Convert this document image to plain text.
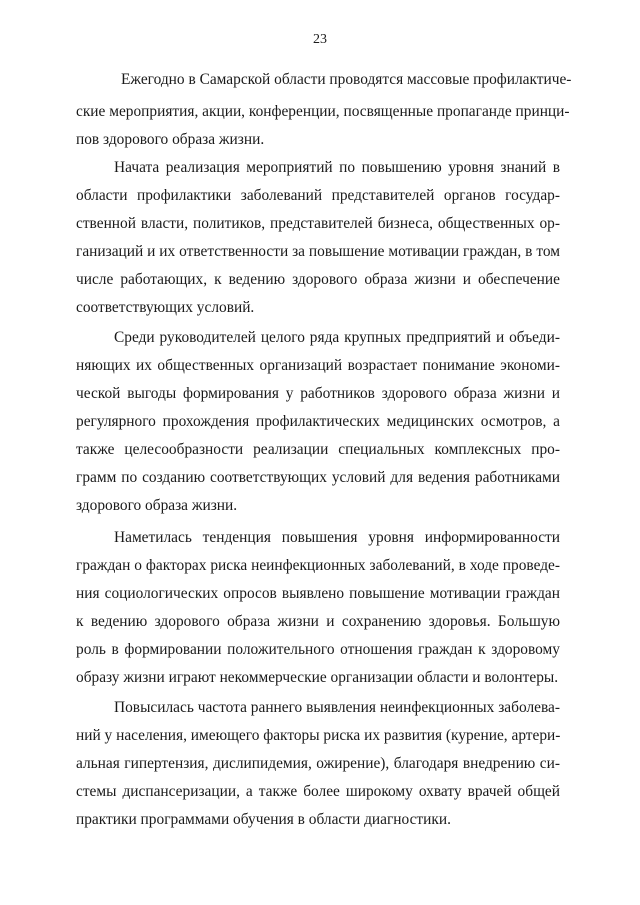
23
Ежегодно в Самарской области проводятся массовые профилактиче-
ские мероприятия, акции, конференции, посвященные пропаганде принци-
пов здорового образа жизни.
Начата реализация мероприятий по повышению уровня знаний в
области профилактики заболеваний представителей органов государ-
ственной власти, политиков, представителей бизнеса, общественных ор-
ганизаций и их ответственности за повышение мотивации граждан, в том
числе работающих, к ведению здорового образа жизни и обеспечение
соответствующих условий.
Среди руководителей целого ряда крупных предприятий и объеди-
няющих их общественных организаций возрастает понимание экономи-
ческой выгоды формирования у работников здорового образа жизни и
регулярного прохождения профилактических медицинских осмотров, а
также целесообразности реализации специальных комплексных про-
грамм по созданию соответствующих условий для ведения работниками
здорового образа жизни.
Наметилась тенденция повышения уровня информированности
граждан о факторах риска неинфекционных заболеваний, в ходе проведе-
ния социологических опросов выявлено повышение мотивации граждан
к ведению здорового образа жизни и сохранению здоровья. Большую
роль в формировании положительного отношения граждан к здоровому
образу жизни играют некоммерческие организации области и волонтеры.
Повысилась частота раннего выявления неинфекционных заболева-
ний у населения, имеющего факторы риска их развития (курение, артери-
альная гипертензия, дислипидемия, ожирение), благодаря внедрению си-
стемы диспансеризации, а также более широкому охвату врачей общей
практики программами обучения в области диагностики.
